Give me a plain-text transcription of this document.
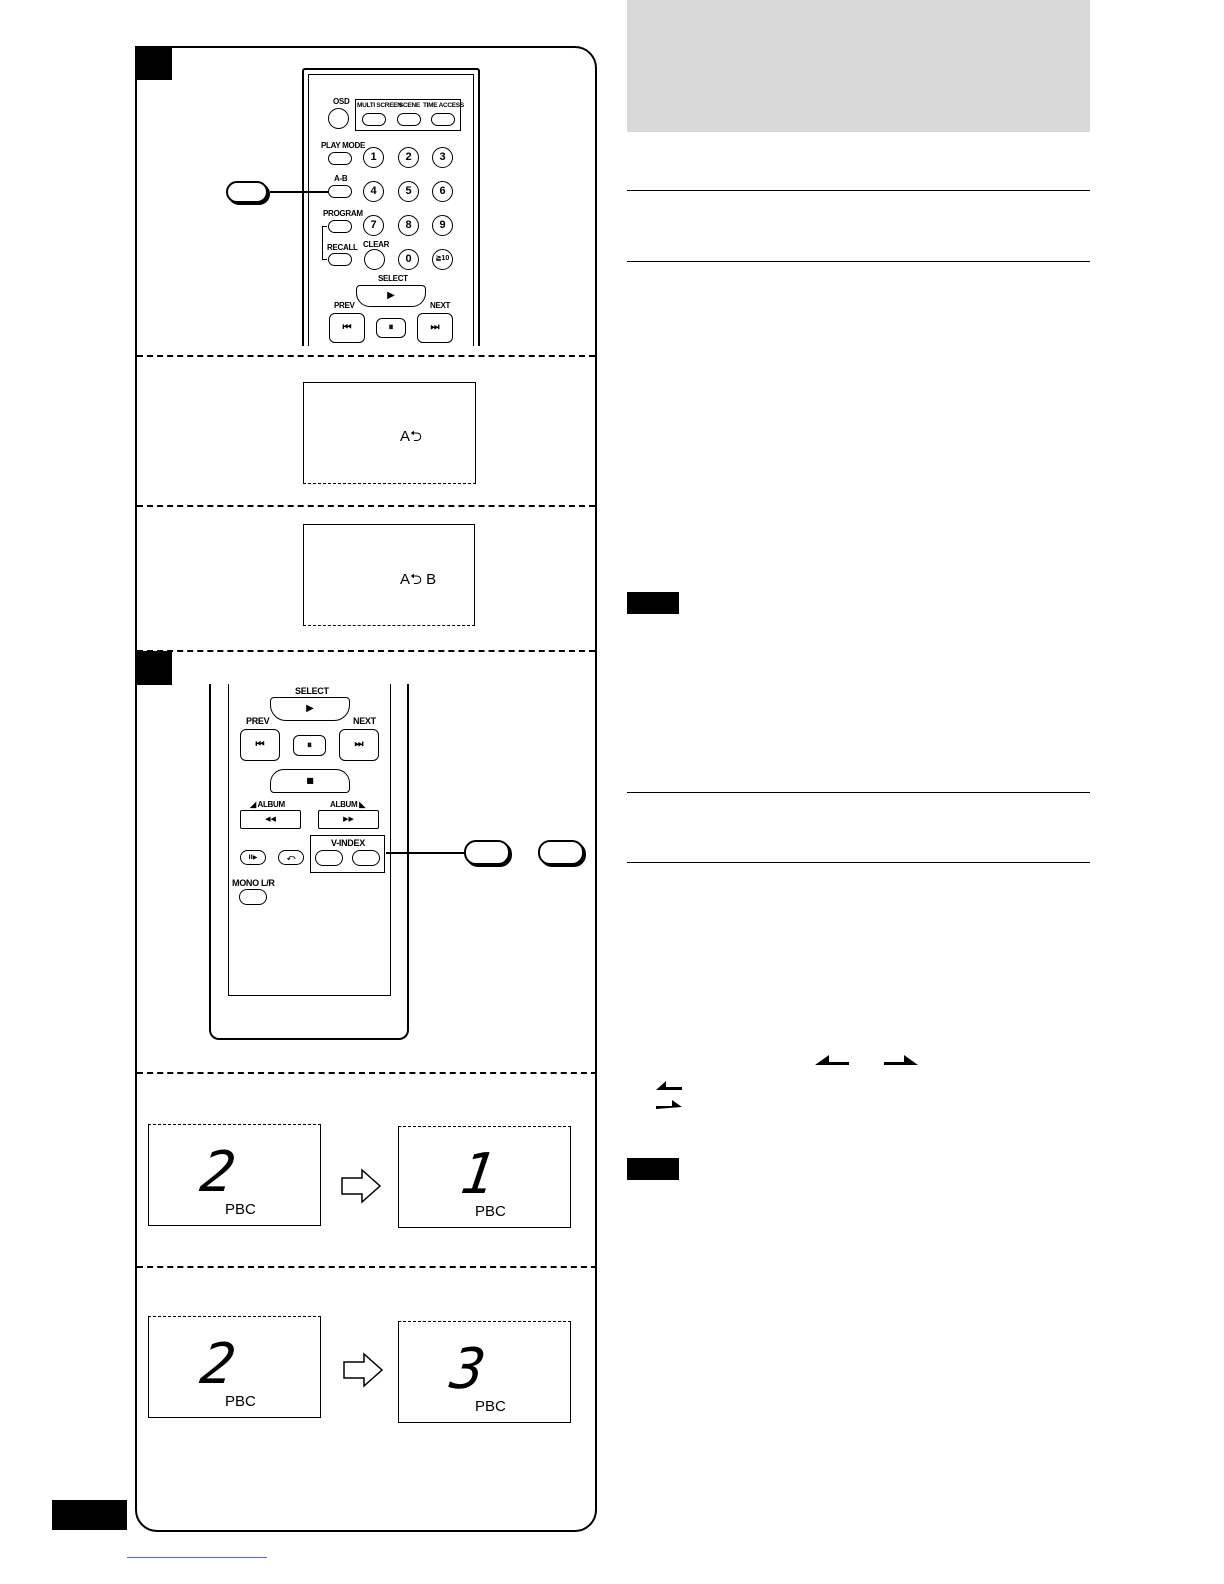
OSD MULTI SCREEN
SCENE TIME ACCESS
PLAY MODE
A-B
PROGRAM
RECALL CLEAR
1	2	3
4	5	6
7	8	9
0	≧10
SELECT
▶
PREV	NEXT
⏮	⏸	⏭
A⮌
A⮌ B
SELECT
▶
PREV	NEXT
⏮	⏸	⏭
■
◢ ALBUM	ALBUM ◣
◀◀	▶▶
II▶	⤺
V-INDEX
MONO L/R
2
PBC
1
PBC
2
PBC	3
PBC
